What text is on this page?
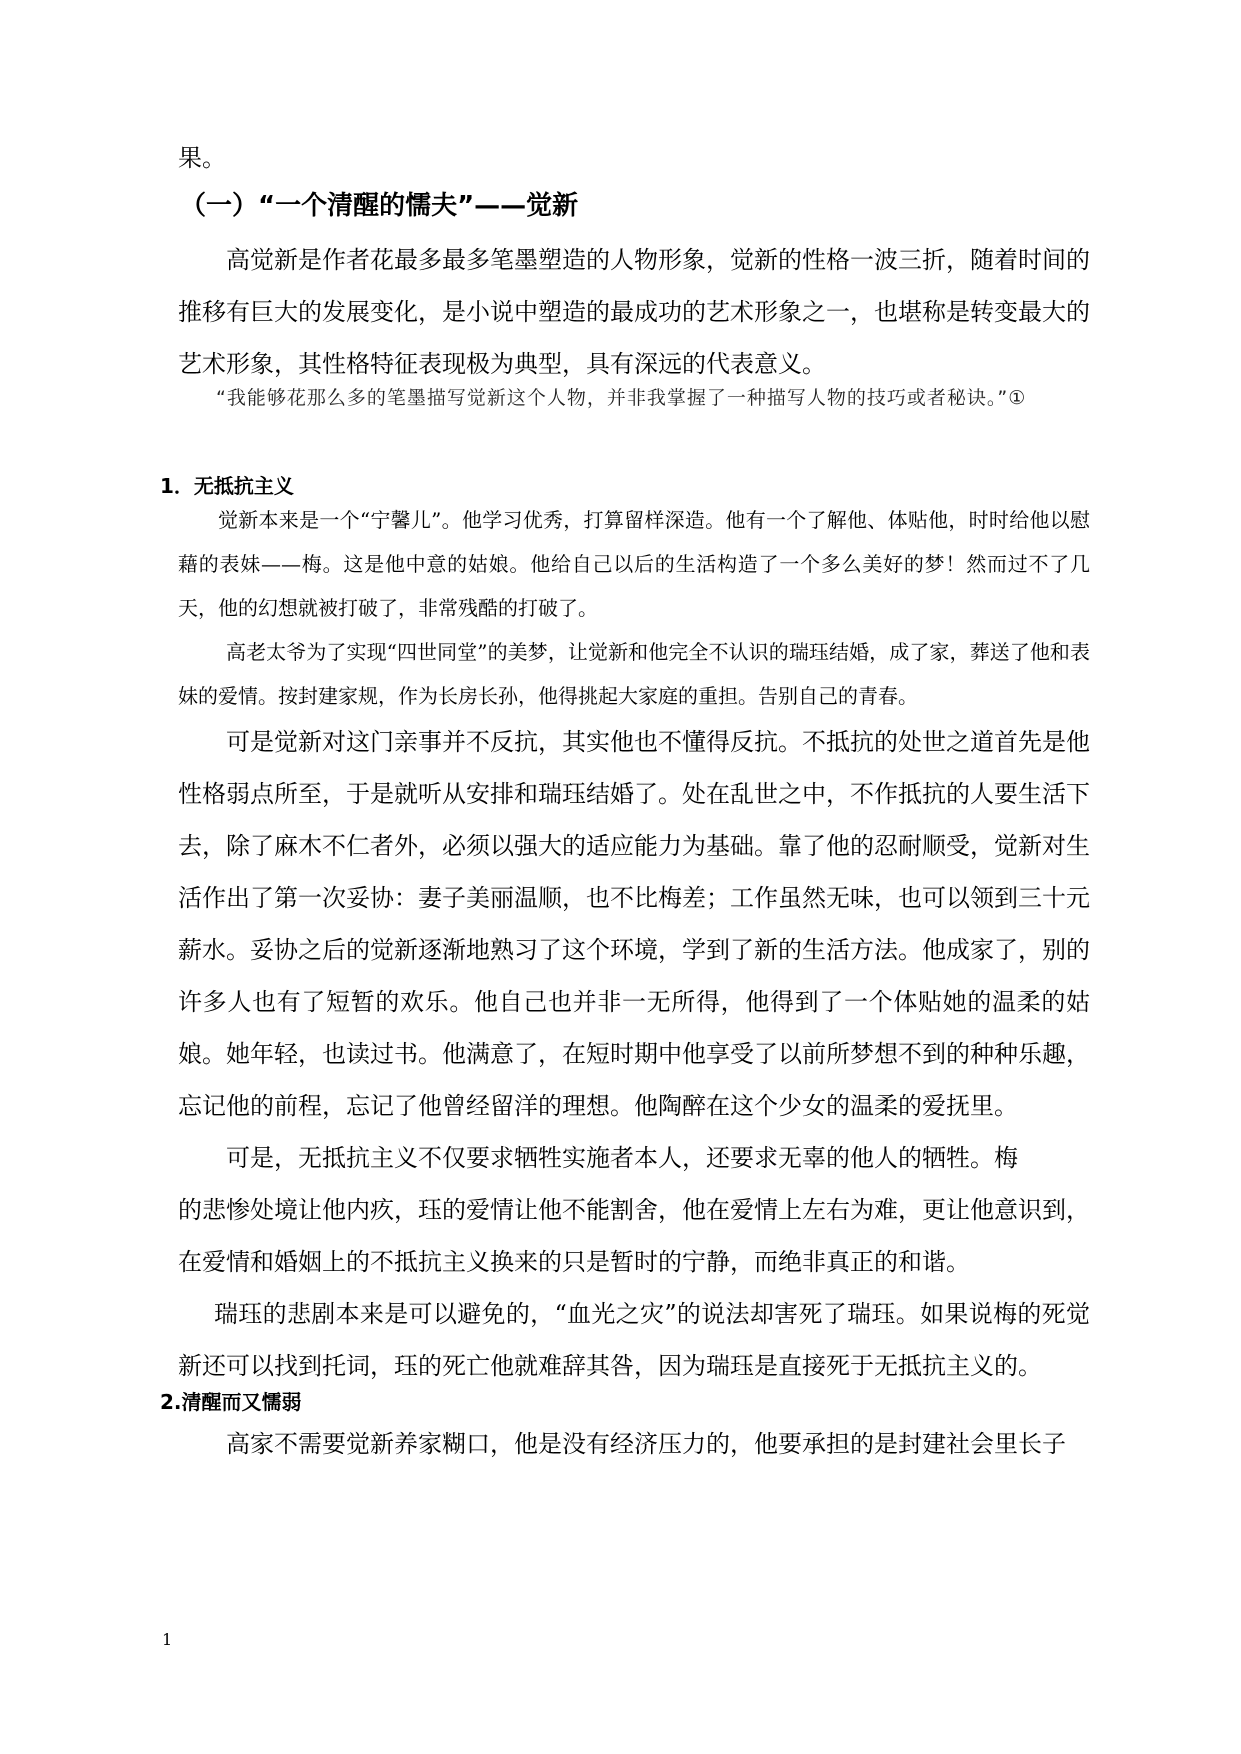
果。

（一）“一个清醒的懦夫”——觉新

高觉新是作者花最多最多笔墨塑造的人物形象，觉新的性格一波三折，随着时间的推移有巨大的发展变化，是小说中塑造的最成功的艺术形象之一，也堪称是转变最大的艺术形象，其性格特征表现极为典型，具有深远的代表意义。

“我能够花那么多的笔墨描写觉新这个人物，并非我掌握了一种描写人物的技巧或者秘诀。”①

1．无抵抗主义

觉新本来是一个“宁馨儿”。他学习优秀，打算留样深造。他有一个了解他、体贴他，时时给他以慰藉的表妹——梅。这是他中意的姑娘。他给自己以后的生活构造了一个多么美好的梦！然而过不了几天，他的幻想就被打破了，非常残酷的打破了。

高老太爷为了实现“四世同堂”的美梦，让觉新和他完全不认识的瑞珏结婚，成了家，葬送了他和表妹的爱情。按封建家规，作为长房长孙，他得挑起大家庭的重担。告别自己的青春。

可是觉新对这门亲事并不反抗，其实他也不懂得反抗。不抵抗的处世之道首先是他性格弱点所至，于是就听从安排和瑞珏结婚了。处在乱世之中，不作抵抗的人要生活下去，除了麻木不仁者外，必须以强大的适应能力为基础。靠了他的忍耐顺受，觉新对生活作出了第一次妥协：妻子美丽温顺，也不比梅差；工作虽然无味，也可以领到三十元薪水。妥协之后的觉新逐渐地熟习了这个环境，学到了新的生活方法。他成家了，别的许多人也有了短暂的欢乐。他自己也并非一无所得，他得到了一个体贴她的温柔的姑娘。她年轻，也读过书。他满意了，在短时期中他享受了以前所梦想不到的种种乐趣，忘记他的前程，忘记了他曾经留洋的理想。他陶醉在这个少女的温柔的爱抚里。

可是，无抵抗主义不仅要求牺牲实施者本人，还要求无辜的他人的牺牲。梅

的悲惨处境让他内疚，珏的爱情让他不能割舍，他在爱情上左右为难，更让他意识到，在爱情和婚姻上的不抵抗主义换来的只是暂时的宁静，而绝非真正的和谐。

瑞珏的悲剧本来是可以避免的，“血光之灾”的说法却害死了瑞珏。如果说梅的死觉新还可以找到托词，珏的死亡他就难辞其咎，因为瑞珏是直接死于无抵抗主义的。

2.清醒而又懦弱

高家不需要觉新养家糊口，他是没有经济压力的，他要承担的是封建社会里长子

1
